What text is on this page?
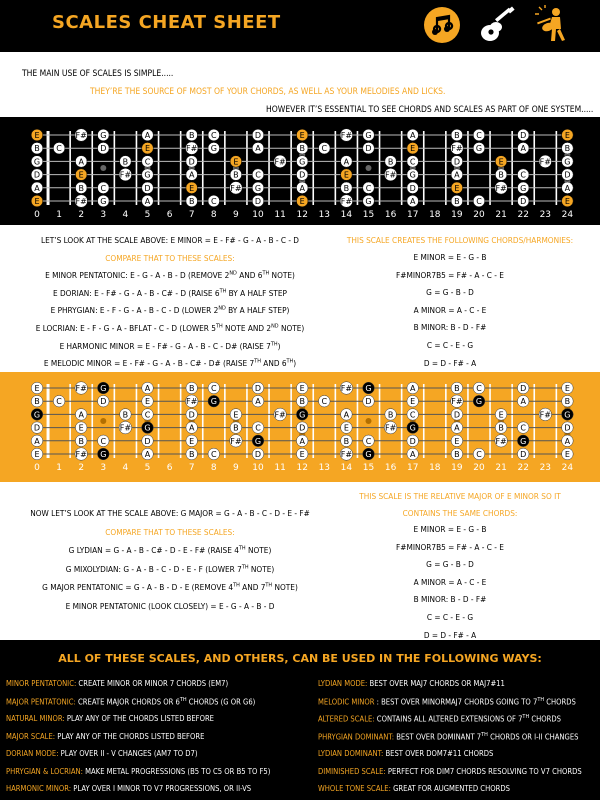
SCALES CHEAT SHEET
THE MAIN USE OF SCALES IS SIMPLE.....
THEY’RE THE SOURCE OF MOST OF YOUR CHORDS, AS WELL AS YOUR MELODIES AND LICKS.
HOWEVER IT’S ESSENTIAL TO SEE CHORDS AND SCALES AS PART OF ONE SYSTEM.....
E	F# G	A	B C	D	E	F# G	A	B C	D	E
B C	D	E	F# G	A	B C	D	E	F# G	A	B
G	A	B C	D	E	F# G	A	B C	D	E	F# G
D	E	F# G	A	B C	D	E	F# G	A	B C	D
A	B C	D	E	F# G	A	B C	D	E	F# G	A
E	F# G	A	B C	D	E	F# G	A	B C	D	E
0 1 2 3 4 5 6 7 8 9 10 11 12 13 14 15 16 17 18 19 20 21 22 23 24
LET’S LOOK AT THE SCALE ABOVE: E MINOR = E - F# - G - A - B - C - D
COMPARE THAT TO THESE SCALES:
E MINOR PENTATONIC: E - G - A - B - D (REMOVE 2ND AND 6TH NOTE)
E DORIAN: E - F# - G - A - B - C# - D (RAISE 6TH BY A HALF STEP
E PHRYGIAN: E - F - G - A - B - C - D (LOWER 2ND BY A HALF STEP)
E LOCRIAN: E - F - G - A - BFLAT - C - D (LOWER 5TH NOTE AND 2ND NOTE)
E HARMONIC MINOR = E - F# - G - A - B - C - D# (RAISE 7TH)
E MELODIC MINOR = E - F# - G - A - B - C# - D# (RAISE 7TH AND 6TH)
THIS SCALE CREATES THE FOLLOWING CHORDS/HARMONIES:
E MINOR = E - G - B
F#MINOR7B5 = F# - A - C - E
G = G - B - D
A MINOR = A - C - E
B MINOR: B - D - F#
C = C - E - G
D = D - F# - A
E	F# G	A	B C	D	E	F# G	A	B C	D	E
B C	D	E	F# G	A	B C	D	E	F# G	A	B
G	A	B C	D	E	F# G	A	B C	D	E	F# G
D	E	F# G	A	B C	D	E	F# G	A	B C	D
A	B C	D	E	F# G	A	B C	D	E	F# G	A
E	F# G	A	B C	D	E	F# G	A	B C	D	E
0 1 2 3 4 5 6 7 8 9 10 11 12 13 14 15 16 17 18 19 20 21 22 23 24
NOW LET’S LOOK AT THE SCALE ABOVE: G MAJOR = G - A - B - C - D - E - F#
COMPARE THAT TO THESE SCALES:
G LYDIAN = G - A - B - C# - D - E - F# (RAISE 4TH NOTE)
G MIXOLYDIAN: G - A - B - C - D - E - F (LOWER 7TH NOTE)
G MAJOR PENTATONIC = G - A - B - D - E (REMOVE 4TH AND 7TH NOTE)
E MINOR PENTATONIC (LOOK CLOSELY) = E - G - A - B - D
THIS SCALE IS THE RELATIVE MAJOR OF E MINOR SO IT
CONTAINS THE SAME CHORDS:
E MINOR = E - G - B
F#MINOR7B5 = F# - A - C - E
G = G - B - D
A MINOR = A - C - E
B MINOR: B - D - F#
C = C - E - G
D = D - F# - A
ALL OF THESE SCALES, AND OTHERS, CAN BE USED IN THE FOLLOWING WAYS:
MINOR PENTATONIC: CREATE MINOR OR MINOR 7 CHORDS (EM7)
MAJOR PENTATONIC: CREATE MAJOR CHORDS OR 6TH CHORDS (G OR G6)
NATURAL MINOR: PLAY ANY OF THE CHORDS LISTED BEFORE
MAJOR SCALE: PLAY ANY OF THE CHORDS LISTED BEFORE
DORIAN MODE: PLAY OVER II - V CHANGES (AM7 TO D7)
PHRYGIAN & LOCRIAN: MAKE METAL PROGRESSIONS (B5 TO C5 OR B5 TO F5)
HARMONIC MINOR: PLAY OVER I MINOR TO V7 PROGRESSIONS, OR II-VS
LYDIAN MODE: BEST OVER MAJ7 CHORDS OR MAJ7#11
MELODIC MINOR : BEST OVER MINORMAJ7 CHORDS GOING TO 7TH CHORDS
ALTERED SCALE: CONTAINS ALL ALTERED EXTENSIONS OF 7TH CHORDS
PHRYGIAN DOMINANT: BEST OVER DOMINANT 7TH CHORDS OR I-II CHANGES
LYDIAN DOMINANT: BEST OVER DOM7#11 CHORDS
DIMINISHED SCALE: PERFECT FOR DIM7 CHORDS RESOLVING TO V7 CHORDS
WHOLE TONE SCALE: GREAT FOR AUGMENTED CHORDS
